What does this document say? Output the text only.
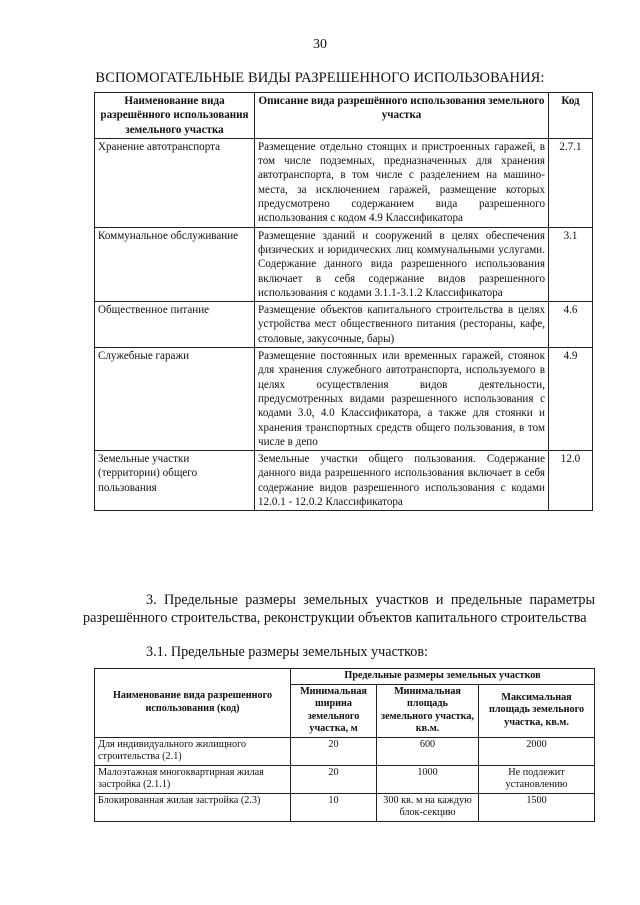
30
ВСПОМОГАТЕЛЬНЫЕ ВИДЫ РАЗРЕШЕННОГО ИСПОЛЬЗОВАНИЯ:
Наименование вида разрешённого использования земельного участка	Описание вида разрешённого использования земельного участка	Код
Хранение автотранспорта	Размещение отдельно стоящих и пристроенных гаражей, в том числе подземных, предназначенных для хранения автотранспорта, в том числе с разделением на машино-места, за исключением гаражей, размещение которых предусмотрено содержанием вида разрешенного использования с кодом 4.9 Классификатора	2.7.1
Коммунальное обслуживание	Размещение зданий и сооружений в целях обеспечения физических и юридических лиц коммунальными услугами. Содержание данного вида разрешенного использования включает в себя содержание видов разрешенного использования с кодами 3.1.1-3.1.2 Классификатора	3.1
Общественное питание	Размещение объектов капитального строительства в целях устройства мест общественного питания (рестораны, кафе, столовые, закусочные, бары)	4.6
Служебные гаражи	Размещение постоянных или временных гаражей, стоянок для хранения служебного автотранспорта, используемого в целях осуществления видов деятельности, предусмотренных видами разрешенного использования с кодами 3.0, 4.0 Классификатора, а также для стоянки и хранения транспортных средств общего пользования, в том числе в депо	4.9
Земельные участки (территории) общего пользования	Земельные участки общего пользования. Содержание данного вида разрешенного использования включает в себя содержание видов разрешенного использования с кодами 12.0.1 - 12.0.2 Классификатора	12.0
3. Предельные размеры земельных участков и предельные параметры разрешённого строительства, реконструкции объектов капитального строительства
3.1. Предельные размеры земельных участков:
Наименование вида разрешенного использования (код)	Предельные размеры земельных участков		
	Минимальная ширина земельного участка, м	Минимальная площадь земельного участка, кв.м.	Максимальная площадь земельного участка, кв.м.
Для индивидуального жилищного строительства (2.1)	20	600	2000
Малоэтажная многоквартирная жилая застройка (2.1.1)	20	1000	Не подлежит установлению
Блокированная жилая застройка (2.3)	10	300 кв. м на каждую блок-секцию	1500
